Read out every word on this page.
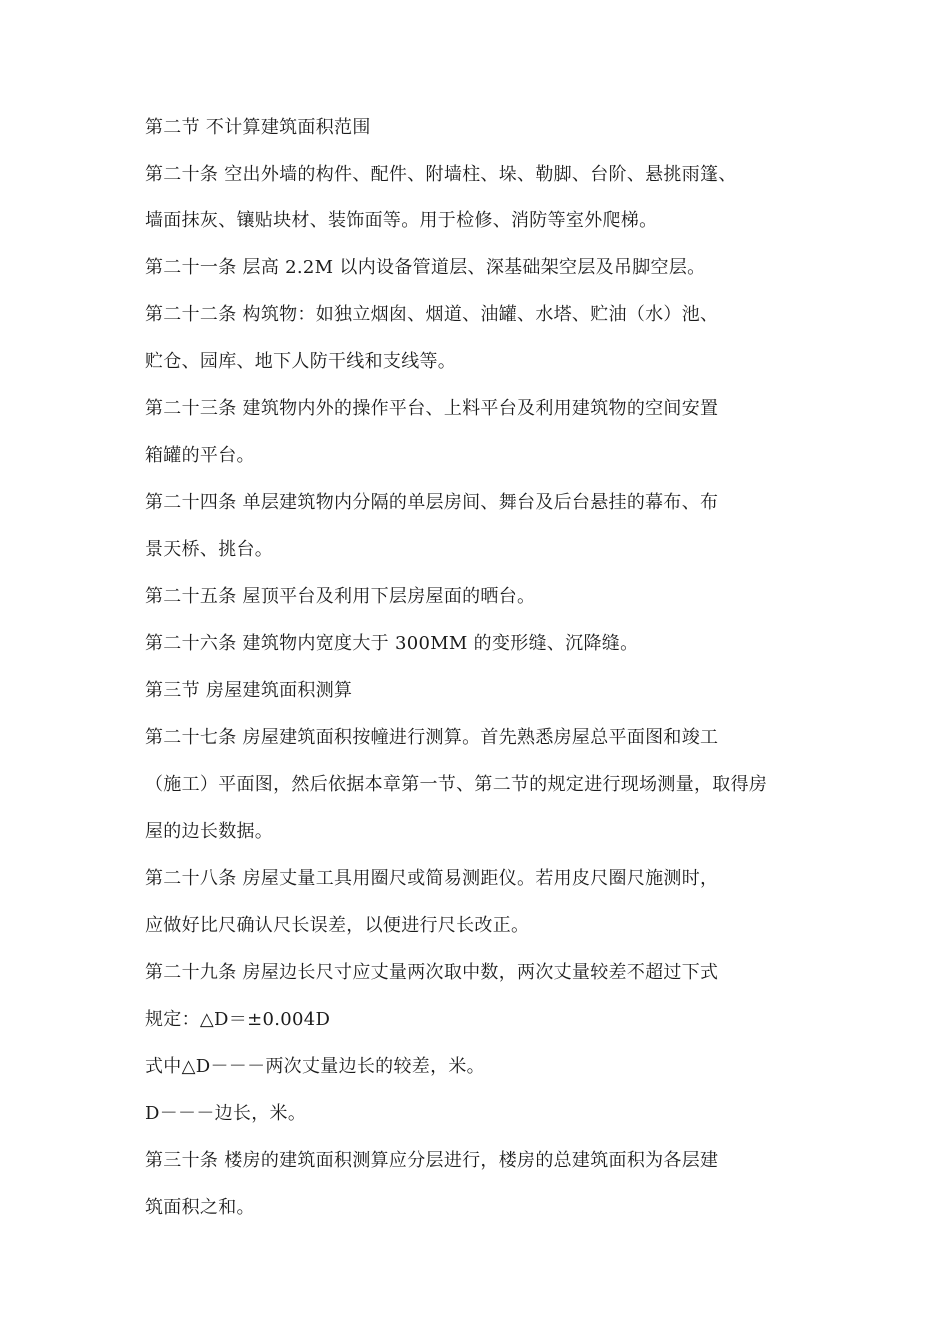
第二节 不计算建筑面积范围
第二十条 空出外墙的构件、配件、附墙柱、垛、勒脚、台阶、悬挑雨篷、
墙面抹灰、镶贴块材、装饰面等。用于检修、消防等室外爬梯。
第二十一条 层高 2.2M 以内设备管道层、深基础架空层及吊脚空层。
第二十二条 构筑物：如独立烟囱、烟道、油罐、水塔、贮油（水）池、
贮仓、园库、地下人防干线和支线等。
第二十三条 建筑物内外的操作平台、上料平台及利用建筑物的空间安置
箱罐的平台。
第二十四条 单层建筑物内分隔的单层房间、舞台及后台悬挂的幕布、布
景天桥、挑台。
第二十五条 屋顶平台及利用下层房屋面的晒台。
第二十六条 建筑物内宽度大于 300MM 的变形缝、沉降缝。
第三节 房屋建筑面积测算
第二十七条 房屋建筑面积按幢进行测算。首先熟悉房屋总平面图和竣工
（施工）平面图，然后依据本章第一节、第二节的规定进行现场测量，取得房
屋的边长数据。
第二十八条 房屋丈量工具用圈尺或简易测距仪。若用皮尺圈尺施测时，
应做好比尺确认尺长误差，以便进行尺长改正。
第二十九条 房屋边长尺寸应丈量两次取中数，两次丈量较差不超过下式
规定：△D＝±0.004D
式中△D－－－两次丈量边长的较差，米。
D－－－边长，米。
第三十条 楼房的建筑面积测算应分层进行，楼房的总建筑面积为各层建
筑面积之和。
